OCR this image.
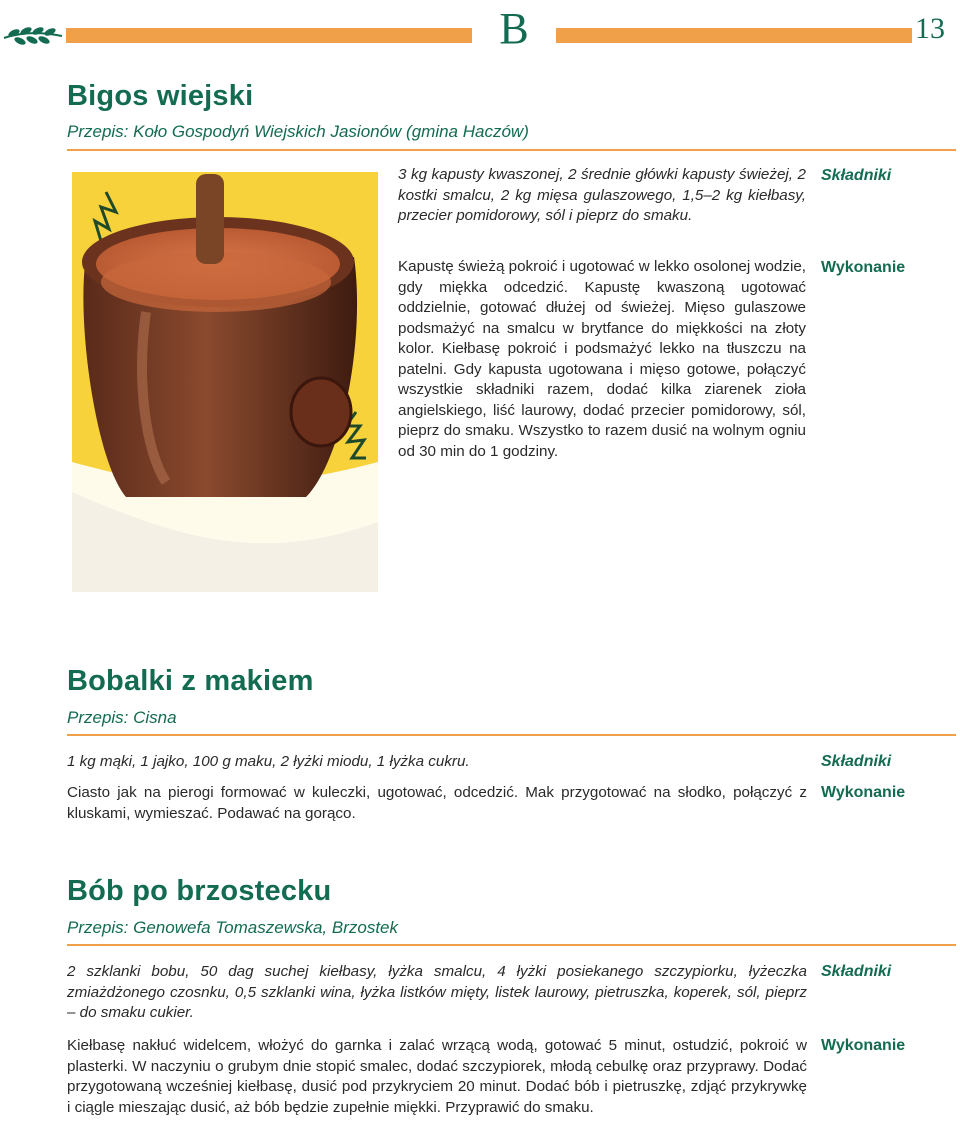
B	13
Bigos wiejski

Przepis: Koło Gospodyń Wiejskich Jasionów (gmina Haczów)

3 kg kapusty kwaszonej, 2 średnie główki kapusty świeżej, 2 kostki smalcu, 2 kg mięsa gulaszowego, 1,5–2 kg kiełbasy, przecier pomidorowy, sól i pieprz do smaku.

Składniki

Kapustę świeżą pokroić i ugotować w lekko osolonej wodzie, gdy miękka odcedzić. Kapustę kwaszoną ugotować oddzielnie, gotować dłużej od świeżej. Mięso gulaszowe podsmażyć na smalcu w brytfance do miękkości na złoty kolor. Kiełbasę pokroić i podsmażyć lekko na tłuszczu na patelni. Gdy kapusta ugotowana i mięso gotowe, połączyć wszystkie składniki razem, dodać kilka ziarenek zioła angielskiego, liść laurowy, dodać przecier pomidorowy, sól, pieprz do smaku. Wszystko to razem dusić na wolnym ogniu od 30 min do 1 godziny.

Wykonanie
Bobalki z makiem

Przepis: Cisna

1 kg mąki, 1 jajko, 100 g maku, 2 łyżki miodu, 1 łyżka cukru.	Składniki

Ciasto jak na pierogi formować w kuleczki, ugotować, odcedzić. Mak przygotować na słodko, połączyć z kluskami, wymieszać. Podawać na gorąco.

Wykonanie
Bób po brzostecku

Przepis: Genowefa Tomaszewska, Brzostek

2 szklanki bobu, 50 dag suchej kiełbasy, łyżka smalcu, 4 łyżki posiekanego szczypiorku, łyżeczka zmiażdżonego czosnku, 0,5 szklanki wina, łyżka listków mięty, listek laurowy, pietruszka, koperek, sól, pieprz – do smaku cukier.

Składniki

Kiełbasę nakłuć widelcem, włożyć do garnka i zalać wrzącą wodą, gotować 5 minut, ostudzić, pokroić w plasterki. W naczyniu o grubym dnie stopić smalec, dodać szczypiorek, młodą cebulkę oraz przyprawy. Dodać przygotowaną wcześniej kiełbasę, dusić pod przykryciem 20 minut. Dodać bób i pietruszkę, zdjąć przykrywkę i ciągle mieszając dusić, aż bób będzie zupełnie miękki. Przyprawić do smaku.

Wykonanie
